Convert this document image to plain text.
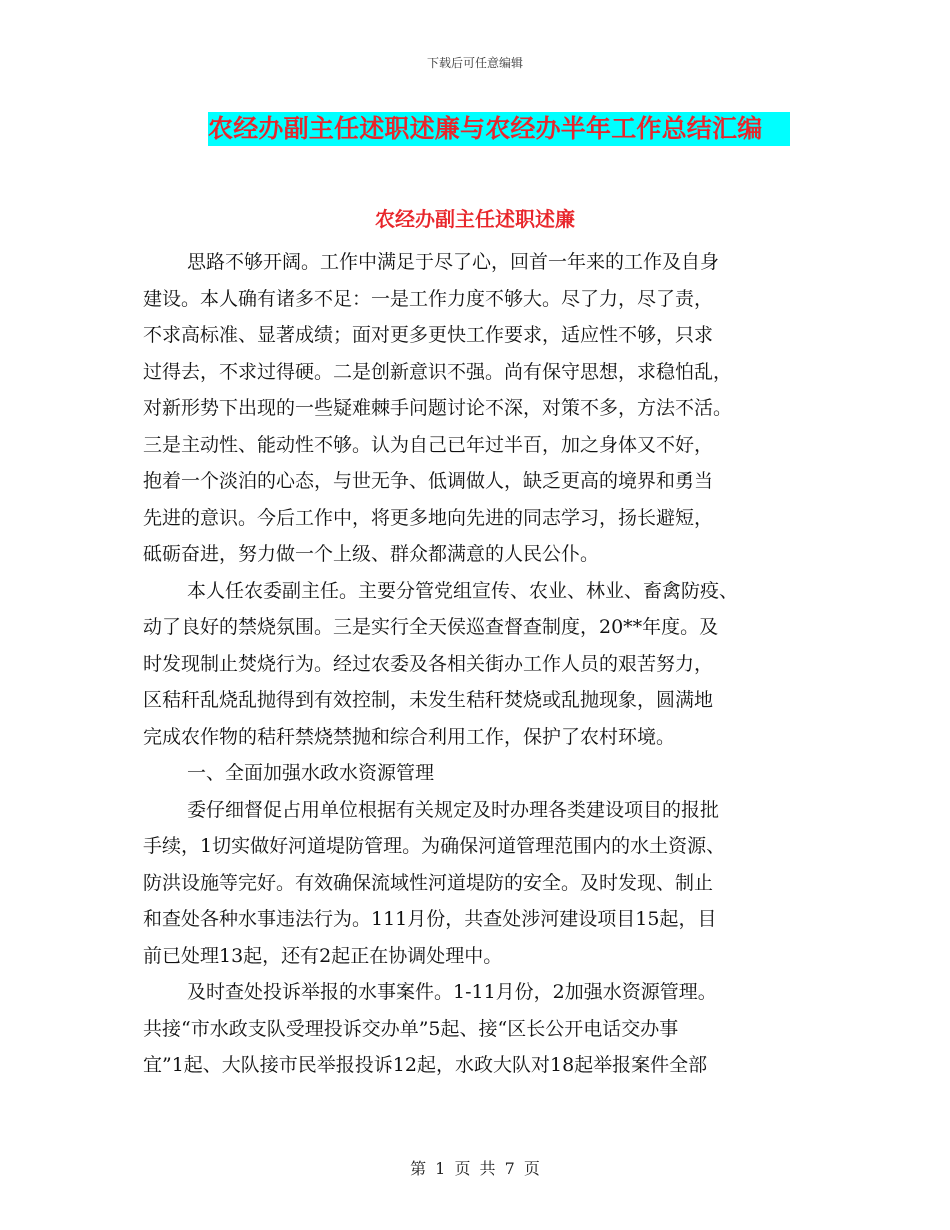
下载后可任意编辑
农经办副主任述职述廉与农经办半年工作总结汇编
农经办副主任述职述廉
思路不够开阔。工作中满足于尽了心，回首一年来的工作及自身
建设。本人确有诸多不足：一是工作力度不够大。尽了力，尽了责，
不求高标准、显著成绩；面对更多更快工作要求，适应性不够，只求
过得去，不求过得硬。二是创新意识不强。尚有保守思想，求稳怕乱，
对新形势下出现的一些疑难棘手问题讨论不深，对策不多，方法不活。
三是主动性、能动性不够。认为自己已年过半百，加之身体又不好，
抱着一个淡泊的心态，与世无争、低调做人，缺乏更高的境界和勇当
先进的意识。今后工作中，将更多地向先进的同志学习，扬长避短，
砥砺奋进，努力做一个上级、群众都满意的人民公仆。
本人任农委副主任。主要分管党组宣传、农业、林业、畜禽防疫、
动了良好的禁烧氛围。三是实行全天侯巡查督查制度，20**年度。及
时发现制止焚烧行为。经过农委及各相关街办工作人员的艰苦努力，
区秸秆乱烧乱抛得到有效控制，未发生秸秆焚烧或乱抛现象，圆满地
完成农作物的秸秆禁烧禁抛和综合利用工作，保护了农村环境。
一、全面加强水政水资源管理
委仔细督促占用单位根据有关规定及时办理各类建设项目的报批
手续，1切实做好河道堤防管理。为确保河道管理范围内的水土资源、
防洪设施等完好。有效确保流域性河道堤防的安全。及时发现、制止
和查处各种水事违法行为。111月份，共查处涉河建设项目15起，目
前已处理13起，还有2起正在协调处理中。
及时查处投诉举报的水事案件。1-11月份，2加强水资源管理。
共接“市水政支队受理投诉交办单”5起、接“区长公开电话交办事
宜”1起、大队接市民举报投诉12起，水政大队对18起举报案件全部
第 1 页 共 7 页
